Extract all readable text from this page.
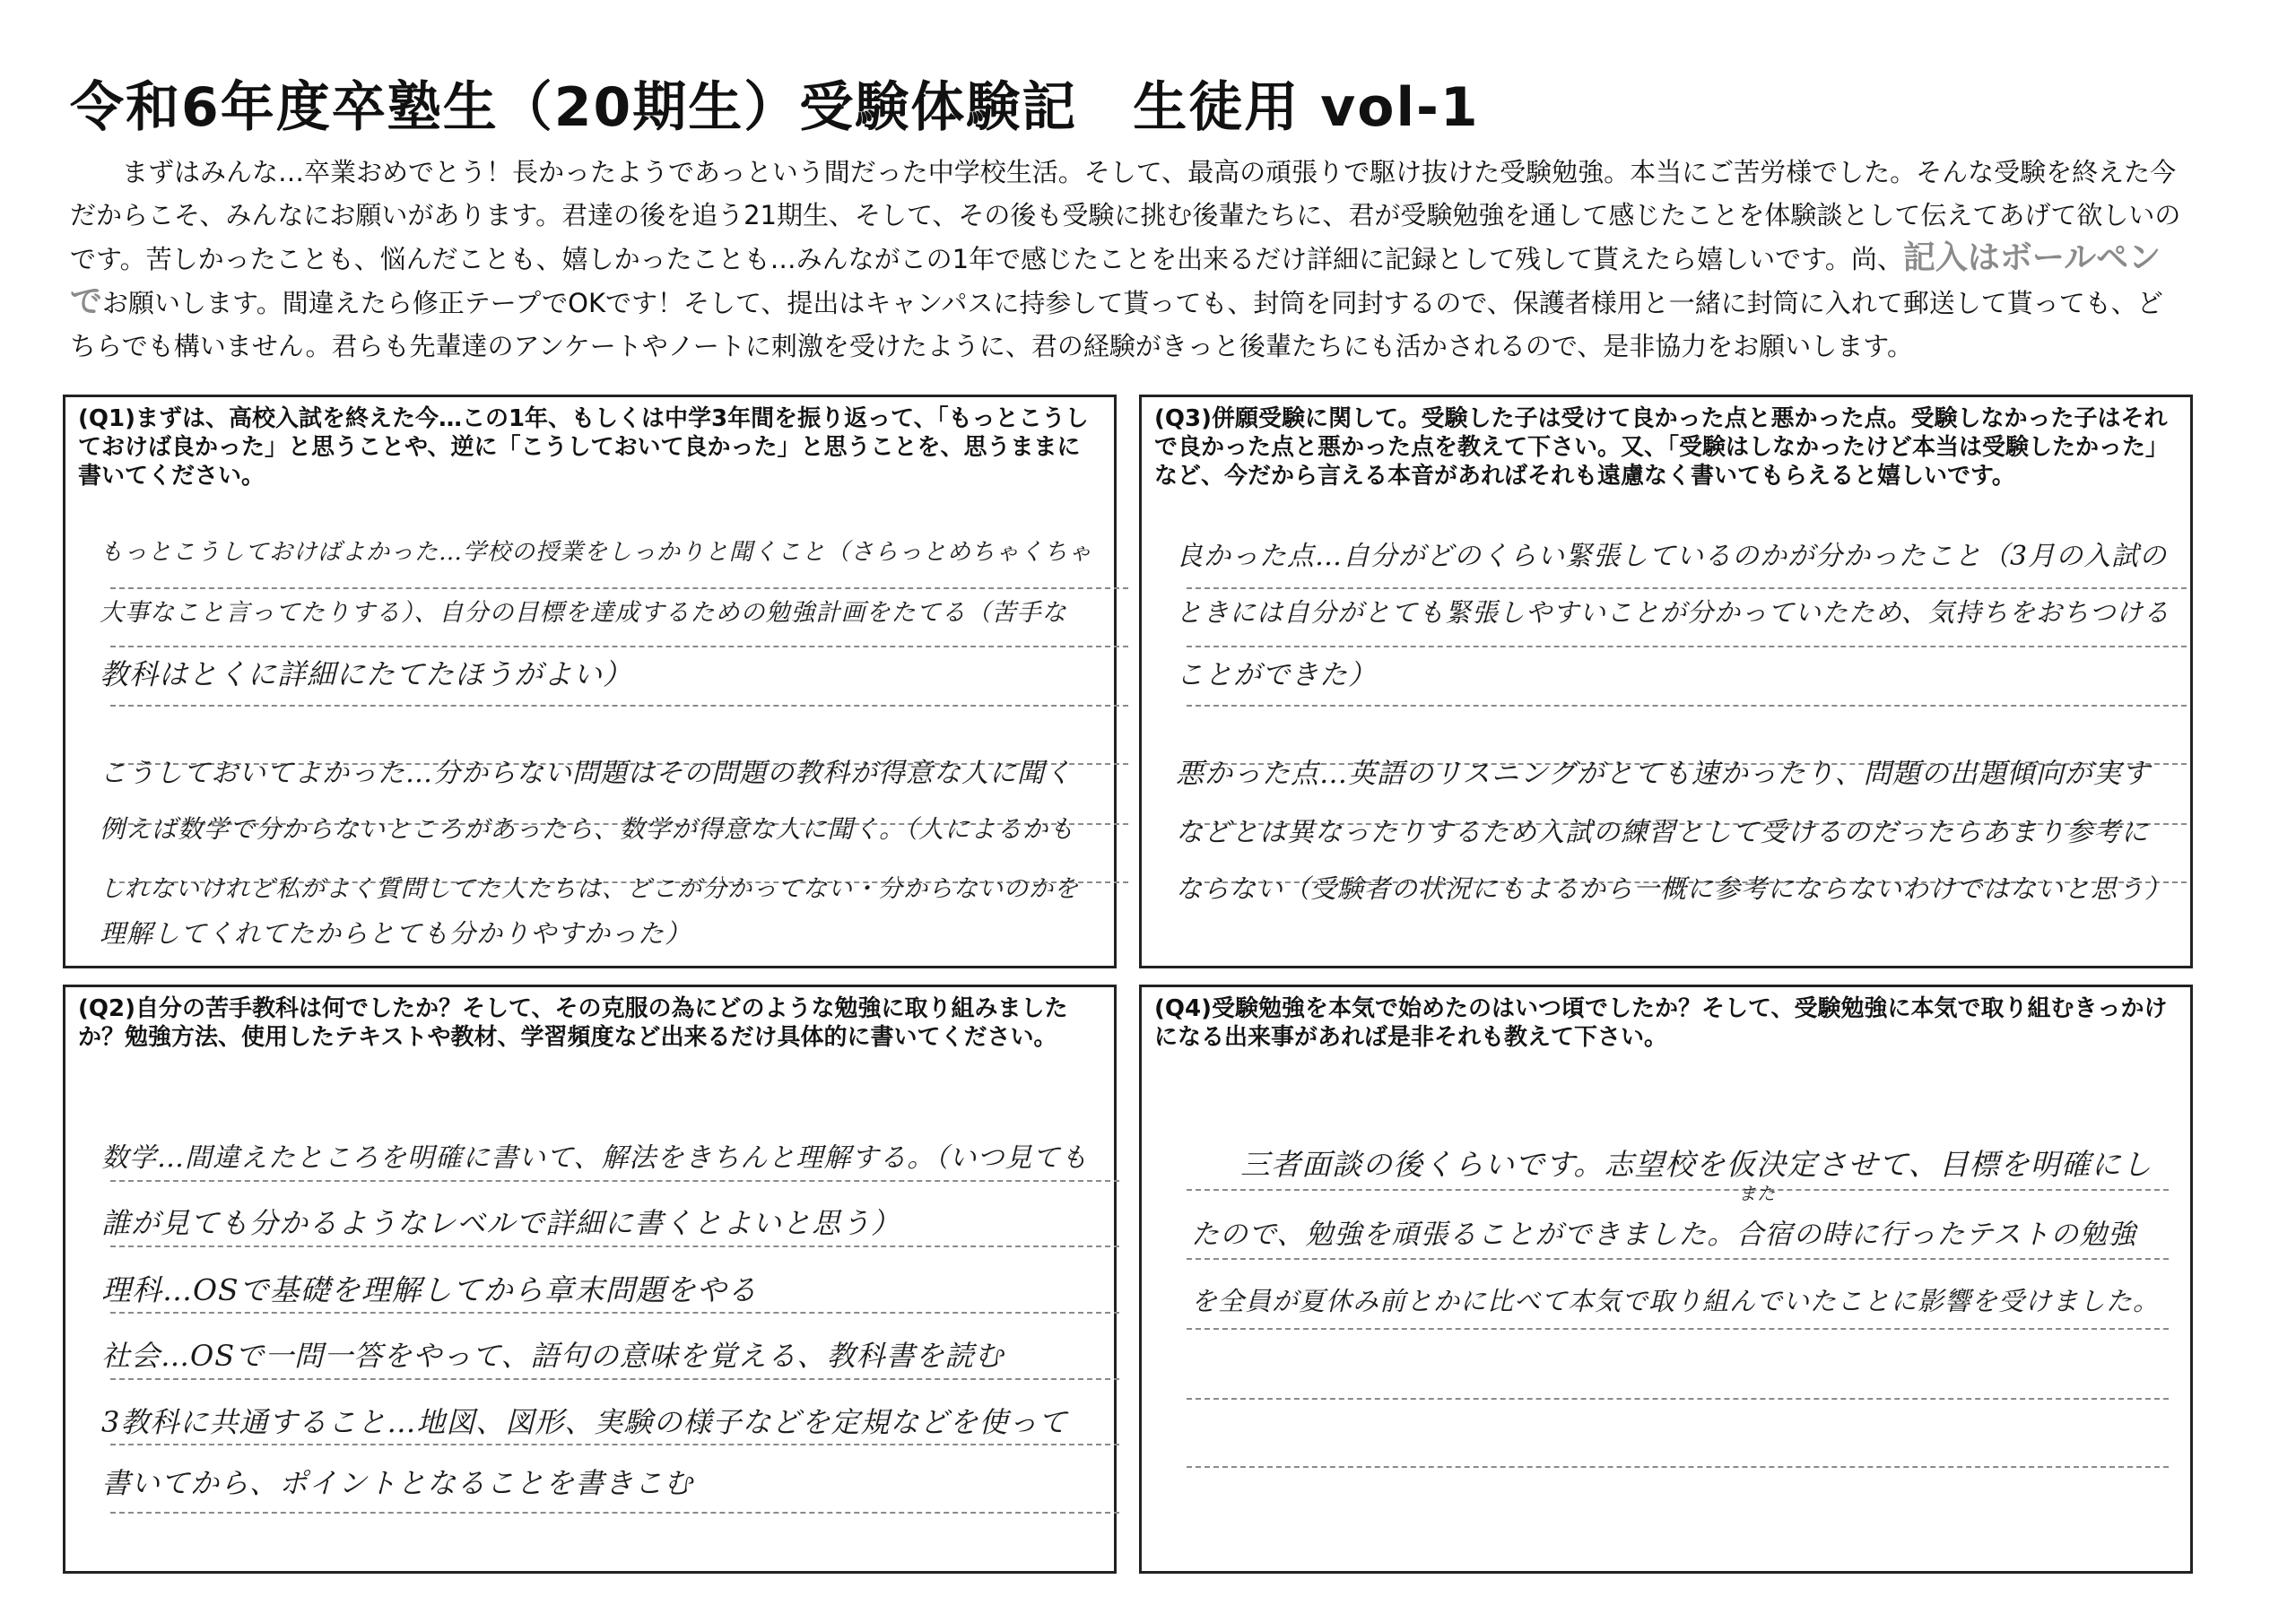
令和6年度卒塾生（20期生）受験体験記　生徒用 vol-1

まずはみんな…卒業おめでとう！長かったようであっという間だった中学校生活。そして、最高の頑張りで駆け抜けた受験勉強。本当にご苦労様でした。そんな受験を終えた今だからこそ、みんなにお願いがあります。君達の後を追う21期生、そして、その後も受験に挑む後輩たちに、君が受験勉強を通して感じたことを体験談として伝えてあげて欲しいのです。苦しかったことも、悩んだことも、嬉しかったことも…みんながこの1年で感じたことを出来るだけ詳細に記録として残して貰えたら嬉しいです。尚、記入はボールペンでお願いします。間違えたら修正テープでOKです！そして、提出はキャンパスに持参して貰っても、封筒を同封するので、保護者様用と一緒に封筒に入れて郵送して貰っても、どちらでも構いません。君らも先輩達のアンケートやノートに刺激を受けたように、君の経験がきっと後輩たちにも活かされるので、是非協力をお願いします。

(Q1)まずは、高校入試を終えた今…この1年、もしくは中学3年間を振り返って、「もっとこうしておけば良かった」と思うことや、逆に「こうしておいて良かった」と思うことを、思うままに書いてください。

もっとこうしておけばよかった…学校の授業をしっかりと聞くこと（さらっとめちゃくちゃ

大事なこと言ってたりする）、自分の目標を達成するための勉強計画をたてる（苦手な

教科はとくに詳細にたてたほうがよい）

こうしておいてよかった…分からない問題はその問題の教科が得意な人に聞く

例えば数学で分からないところがあったら、数学が得意な人に聞く。（人によるかも

しれないけれど私がよく質問してた人たちは、どこが分かってない・分からないのかを

理解してくれてたからとても分かりやすかった）

(Q3)併願受験に関して。受験した子は受けて良かった点と悪かった点。受験しなかった子はそれで良かった点と悪かった点を教えて下さい。又、「受験はしなかったけど本当は受験したかった」など、今だから言える本音があればそれも遠慮なく書いてもらえると嬉しいです。

良かった点…自分がどのくらい緊張しているのかが分かったこと（3月の入試の

ときには自分がとても緊張しやすいことが分かっていたため、気持ちをおちつける

ことができた）

悪かった点…英語のリスニングがとても速かったり、問題の出題傾向が実す

などとは異なったりするため入試の練習として受けるのだったらあまり参考に

ならない（受験者の状況にもよるから一概に参考にならないわけではないと思う）

(Q2)自分の苦手教科は何でしたか？そして、その克服の為にどのような勉強に取り組みましたか？勉強方法、使用したテキストや教材、学習頻度など出来るだけ具体的に書いてください。

数学…間違えたところを明確に書いて、解法をきちんと理解する。（いつ見ても

誰が見ても分かるようなレベルで詳細に書くとよいと思う）

理科…OSで基礎を理解してから章末問題をやる

社会…OSで一問一答をやって、語句の意味を覚える、教科書を読む

3教科に共通すること…地図、図形、実験の様子などを定規などを使って

書いてから、ポイントとなることを書きこむ

(Q4)受験勉強を本気で始めたのはいつ頃でしたか？そして、受験勉強に本気で取り組むきっかけになる出来事があれば是非それも教えて下さい。

三者面談の後くらいです。志望校を仮決定させて、目標を明確にし

たので、勉強を頑張ることができました。合宿の時に行ったテストの勉強

また

を全員が夏休み前とかに比べて本気で取り組んでいたことに影響を受けました。
